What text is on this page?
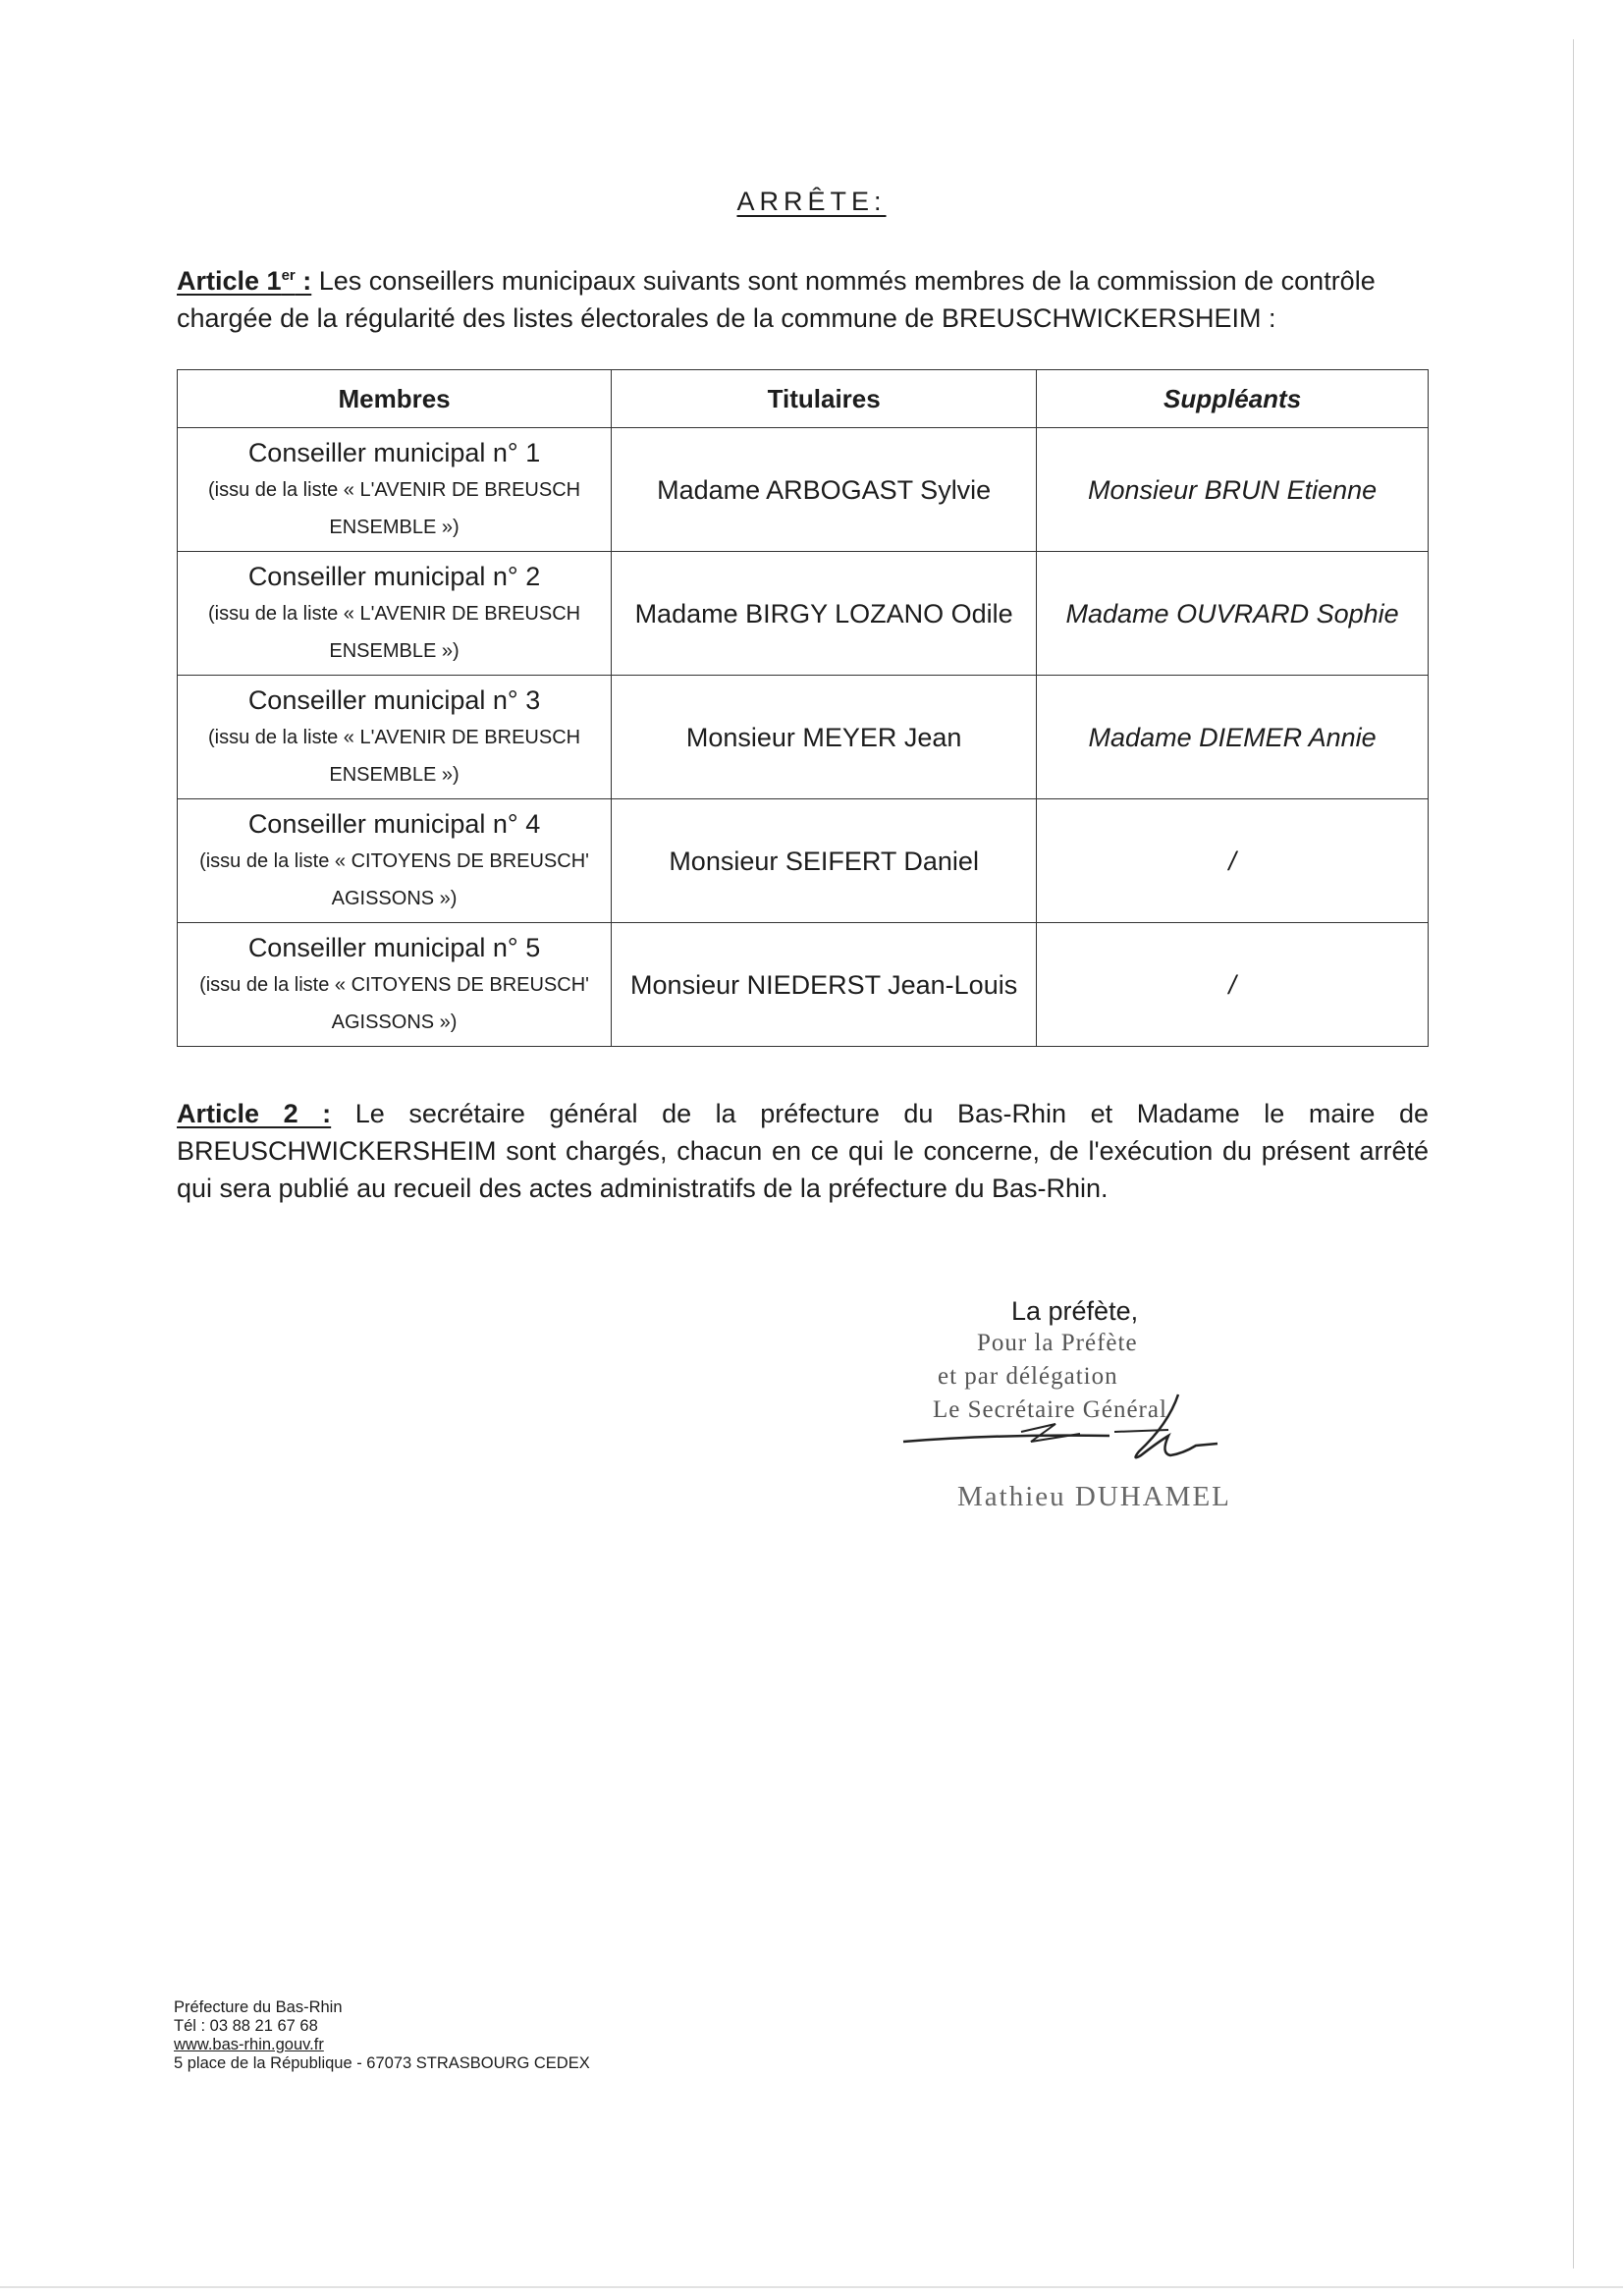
ARRÊTE:
Article 1er : Les conseillers municipaux suivants sont nommés membres de la commission de contrôle chargée de la régularité des listes électorales de la commune de BREUSCHWICKERSHEIM :
Membres	Titulaires	Suppléants

Conseiller municipal n° 1
(issu de la liste « L'AVENIR DE BREUSCH ENSEMBLE »)	Madame ARBOGAST Sylvie	Monsieur BRUN Etienne

Conseiller municipal n° 2
(issu de la liste « L'AVENIR DE BREUSCH ENSEMBLE »)	Madame BIRGY LOZANO Odile	Madame OUVRARD Sophie

Conseiller municipal n° 3
(issu de la liste « L'AVENIR DE BREUSCH ENSEMBLE »)	Monsieur MEYER Jean	Madame DIEMER Annie

Conseiller municipal n° 4
(issu de la liste « CITOYENS DE BREUSCH' AGISSONS »)	Monsieur SEIFERT Daniel	/

Conseiller municipal n° 5
(issu de la liste « CITOYENS DE BREUSCH' AGISSONS »)	Monsieur NIEDERST Jean-Louis	/
Article 2 : Le secrétaire général de la préfecture du Bas-Rhin et Madame le maire de BREUSCHWICKERSHEIM sont chargés, chacun en ce qui le concerne, de l'exécution du présent arrêté qui sera publié au recueil des actes administratifs de la préfecture du Bas-Rhin.
La préfète,
Pour la Préfète
et par délégation
Le Secrétaire Général
Mathieu DUHAMEL
Préfecture du Bas-Rhin
Tél : 03 88 21 67 68
www.bas-rhin.gouv.fr
5 place de la République - 67073 STRASBOURG CEDEX
